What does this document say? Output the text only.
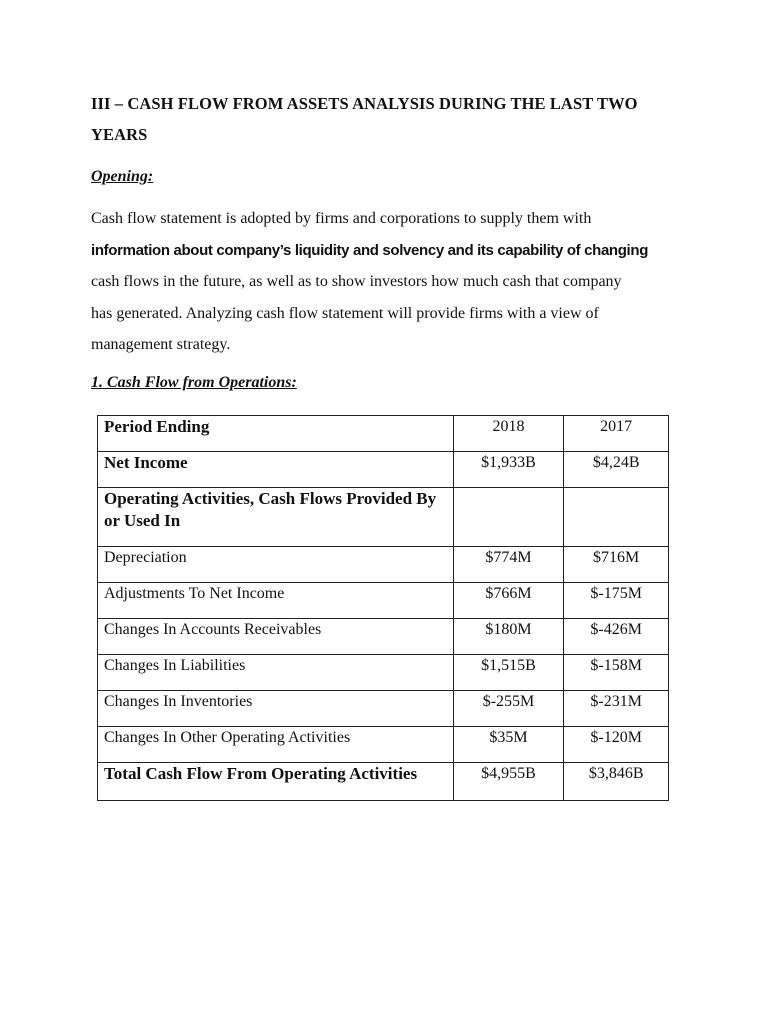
III – CASH FLOW FROM ASSETS ANALYSIS DURING THE LAST TWO YEARS
Opening:
Cash flow statement is adopted by firms and corporations to supply them with
information about company’s liquidity and solvency and its capability of changing
cash flows in the future, as well as to show investors how much cash that company
has generated. Analyzing cash flow statement will provide firms with a view of
management strategy.
1. Cash Flow from Operations:
Period Ending	2018	2017

Net Income	$1,933B	$4,24B

Operating Activities, Cash Flows Provided By or Used In		

Depreciation	$774M	$716M

Adjustments To Net Income	$766M	$-175M

Changes In Accounts Receivables	$180M	$-426M

Changes In Liabilities	$1,515B	$-158M

Changes In Inventories	$-255M	$-231M

Changes In Other Operating Activities	$35M	$-120M

Total Cash Flow From Operating Activities	$4,955B	$3,846B
